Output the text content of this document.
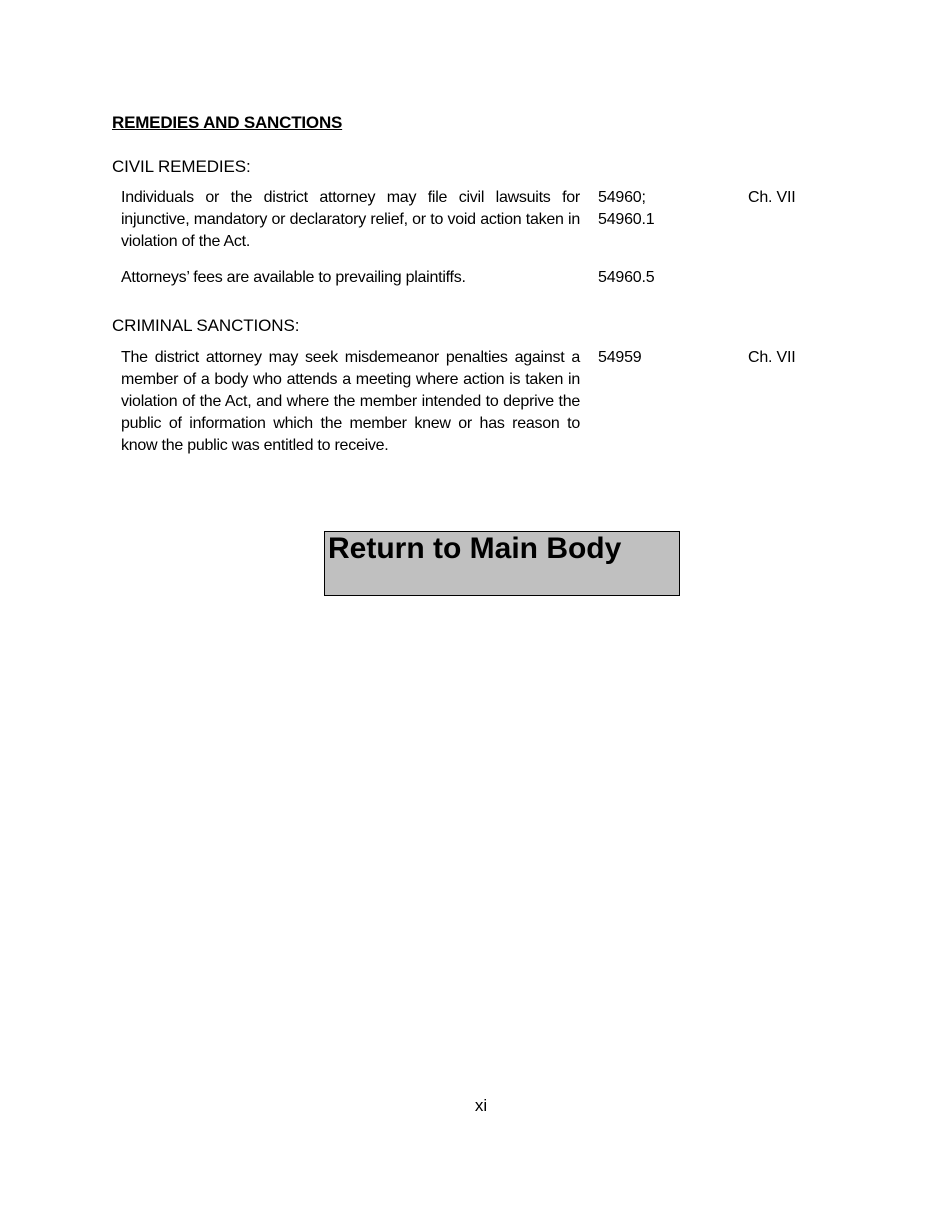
REMEDIES AND SANCTIONS
CIVIL REMEDIES:
Individuals or the district attorney may file civil lawsuits for injunctive, mandatory or declaratory relief, or to void action taken in violation of the Act.
54960;
54960.1
Ch. VII
Attorneys’ fees are available to prevailing plaintiffs.	54960.5
CRIMINAL SANCTIONS:
The district attorney may seek misdemeanor penalties against a member of a body who attends a meeting where action is taken in violation of the Act, and where the member intended to deprive the public of information which the member knew or has reason to know the public was entitled to receive.
54959	Ch. VII
Return to Main Body
xi
